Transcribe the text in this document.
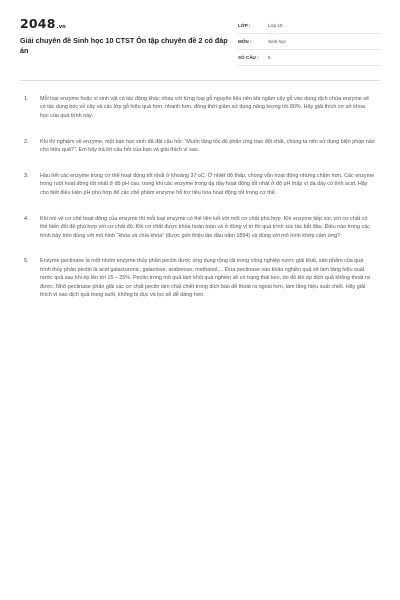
2048.vn
Giải chuyên đề Sinh học 10 CTST Ôn tập chuyên đề 2 có đáp án
LỚP :	Lớp 10
MÔN :	Sinh học
SỐ CÂU :	5
1.	Mỗi loại enzyme hoặc vi sinh vật có tác động khác nhau với từng loại gỗ nguyên liệu nên khi ngâm cây gỗ vào dung dịch chứa enzyme sẽ có tác dụng bóc vỏ cây và các lớp gỗ hiệu quả hơn, nhanh hơn, đồng thời giảm sử dụng năng lượng tới 80%. Hãy giải thích cơ sở khoa học của quá trình này.
2.	Khi thí nghiệm về enzyme, một bạn học sinh đã đặt câu hỏi: “Muốn tăng tốc độ phản ứng trao đổi chất, chúng ta nên sử dụng biện pháp nào cho hiệu quả?”. Em hãy trả lời câu hỏi của bạn và giải thích vì sao.
3.	Hầu hết các enzyme trong cơ thể hoạt động tốt nhất ở khoảng 37 oC. Ở nhiệt độ thấp, chúng vẫn hoạt động nhưng chậm hơn. Các enzyme trong ruột hoạt động tốt nhất ở độ pH cao, trong khi các enzyme trong dạ dày hoạt động tốt nhất ở độ pH thấp vì dạ dày có tính acid. Hãy cho biết điều kiện pH phù hợp để các chế phẩm enzyme hỗ trợ tiêu hóa hoạt động tốt trong cơ thể.
4.	Khi nói về cơ chế hoạt động của enzyme thì mỗi loại enzyme có thể liên kết với một cơ chất phù hợp. Khi enzyme tiếp xúc với cơ chất có thể biến đổi để phù hợp với cơ chất đó. Khi cơ chất được khóa hoàn toàn và ở đúng vị trí thì quá trình xúc tác bắt đầu. Điều nào trong các trình bày trên đúng với mô hình “khóa và chìa khóa” (được giới thiệu lần đầu năm 1894) và đúng với mô hình khớp cảm ứng?
5.	Enzyme pectinase là một nhóm enzyme thủy phân pectin được ứng dụng rộng rãi trong công nghiệp nước giải khát, sản phẩm của quá trình thủy phân pectin là acid galacturonic, galactose, arabinose, methanol,... Đưa pectinase vào khâu nghiền quả sẽ làm tăng hiệu suất nước quả sau khi ép lên tới 15 – 25%. Pectin trong mô quả làm khối quả nghiền sẽ có trạng thái keo, do đó khi ép dịch quả không thoát ra được. Nhờ pectinase phân giải các cơ chất pectin làm chất chiết trong dịch bào dễ thoát ra ngoài hơn, làm tăng hiệu suất chiết. Hãy giải thích vì sao dịch quả trong suốt, không bị đục và lọc sẽ dễ dàng hơn.
